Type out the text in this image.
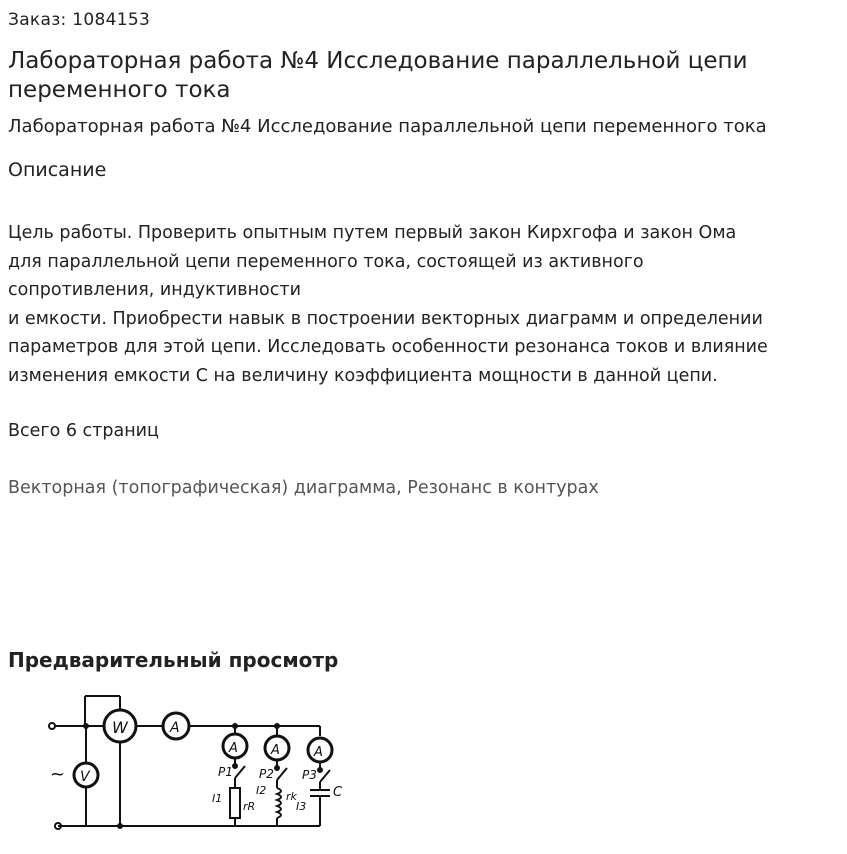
Заказ: 1084153
Лабораторная работа №4 Исследование параллельной цепи переменного тока
Лабораторная работа №4 Исследование параллельной цепи переменного тока
Описание
Цель работы. Проверить опытным путем первый закон Кирхгофа и закон Ома
для параллельной цепи переменного тока, состоящей из активного
сопротивления, индуктивности
и емкости. Приобрести навык в построении векторных диаграмм и определении
параметров для этой цепи. Исследовать особенности резонанса токов и влияние
изменения емкости С на величину коэффициента мощности в данной цепи.
Всего 6 страниц
Векторная (топографическая) диаграмма, Резонанс в контурах
Предварительный просмотр
~
W	A
V
A	A	A
P1 P2 P3
rR
rk	C
I1
I2
I3
